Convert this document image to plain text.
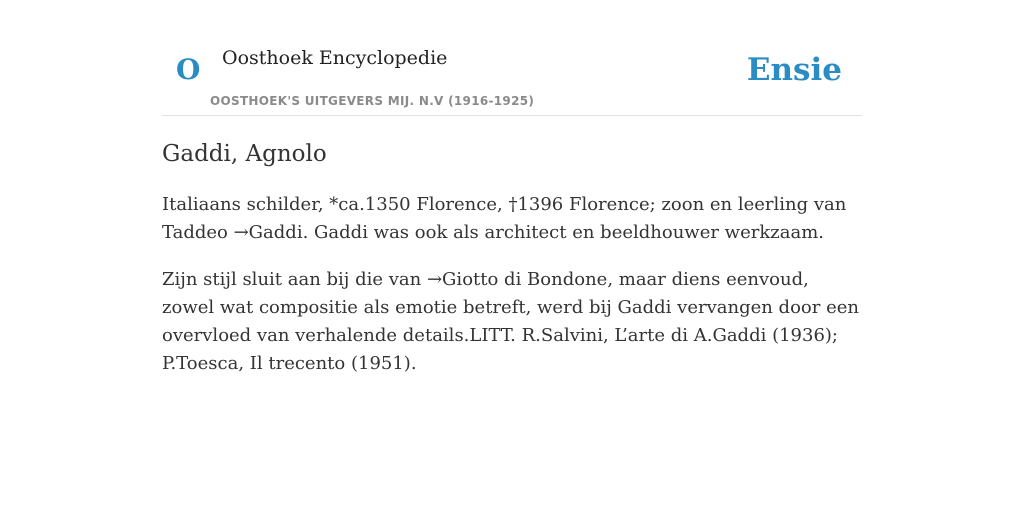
O Oosthoek Encyclopedie
OOSTHOEK'S UITGEVERS MIJ. N.V (1916-1925)
Ensie
Gaddi, Agnolo

Italiaans schilder, *ca.1350 Florence, †1396 Florence; zoon en leerling van Taddeo →Gaddi. Gaddi was ook als architect en beeldhouwer werkzaam.

Zijn stijl sluit aan bij die van →Giotto di Bondone, maar diens eenvoud, zowel wat compositie als emotie betreft, werd bij Gaddi vervangen door een overvloed van verhalende details.LITT. R.Salvini, L’arte di A.Gaddi (1936); P.Toesca, Il trecento (1951).
